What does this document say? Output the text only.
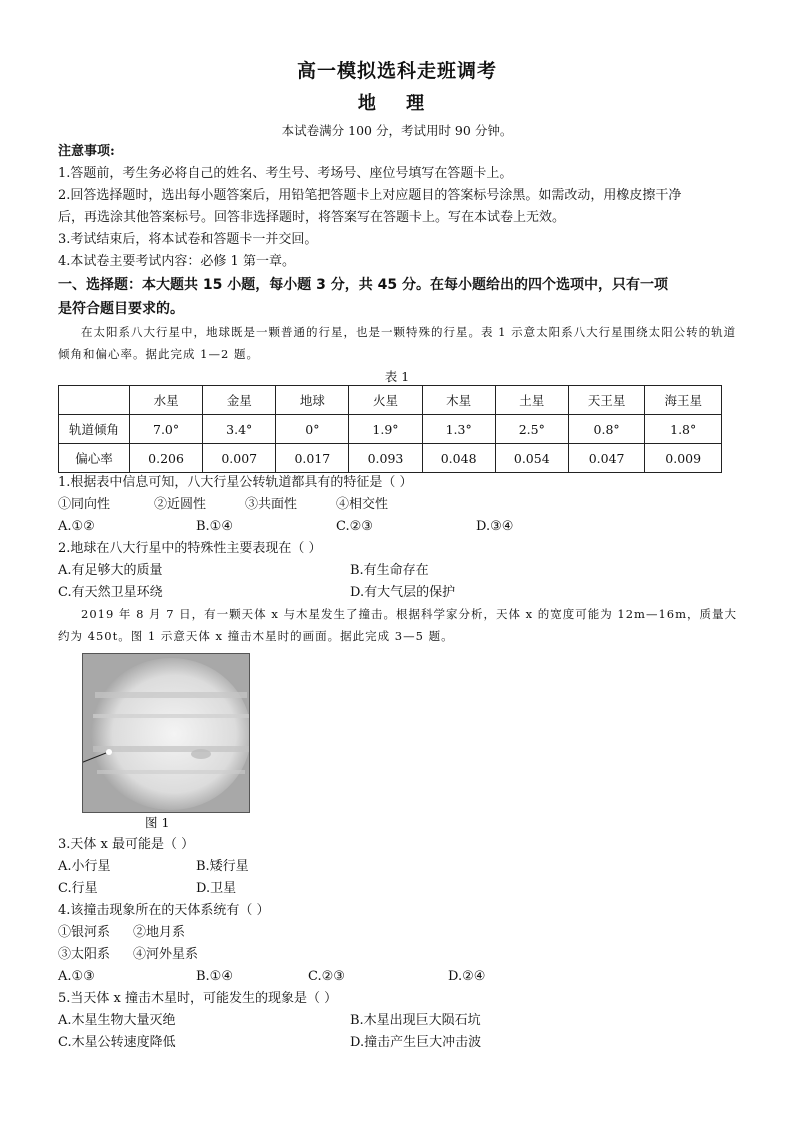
高一模拟选科走班调考
地 理
本试卷满分 100 分，考试用时 90 分钟。
注意事项:
1.答题前，考生务必将自己的姓名、考生号、考场号、座位号填写在答题卡上。
2.回答选择题时，选出每小题答案后，用铅笔把答题卡上对应题目的答案标号涂黑。如需改动，用橡皮擦干净
后，再选涂其他答案标号。回答非选择题时，将答案写在答题卡上。写在本试卷上无效。
3.考试结束后，将本试卷和答题卡一并交回。
4.本试卷主要考试内容：必修 1 第一章。
一、选择题：本大题共 15 小题，每小题 3 分，共 45 分。在每小题给出的四个选项中，只有一项
是符合题目要求的。
在太阳系八大行星中，地球既是一颗普通的行星，也是一颗特殊的行星。表 1 示意太阳系八大行星围绕太阳公转的轨道倾角和偏心率。据此完成 1—2 题。
表 1
	水星	金星	地球	火星	木星	土星	天王星	海王星
轨道倾角	7.0°	3.4°	0°	1.9°	1.3°	2.5°	0.8°	1.8°
偏心率	0.206	0.007	0.017	0.093	0.048	0.054	0.047	0.009
1.根据表中信息可知，八大行星公转轨道都具有的特征是（ ）
①同向性	②近圆性	③共面性	④相交性
A.①②	B.①④	C.②③	D.③④
2.地球在八大行星中的特殊性主要表现在（ ）
A.有足够大的质量	B.有生命存在
C.有天然卫星环绕	D.有大气层的保护
2019 年 8 月 7 日，有一颗天体 x 与木星发生了撞击。根据科学家分析，天体 x 的宽度可能为 12m—16m，质量大约为 450t。图 1 示意天体 x 撞击木星时的画面。据此完成 3—5 题。
图 1
3.天体 x 最可能是（ ）
A.小行星	B.矮行星
C.行星	D.卫星
4.该撞击现象所在的天体系统有（ ）
①银河系 ②地月系
③太阳系 ④河外星系
A.①③	B.①④	C.②③	D.②④
5.当天体 x 撞击木星时，可能发生的现象是（ ）
A.木星生物大量灭绝	B.木星出现巨大陨石坑
C.木星公转速度降低	D.撞击产生巨大冲击波
